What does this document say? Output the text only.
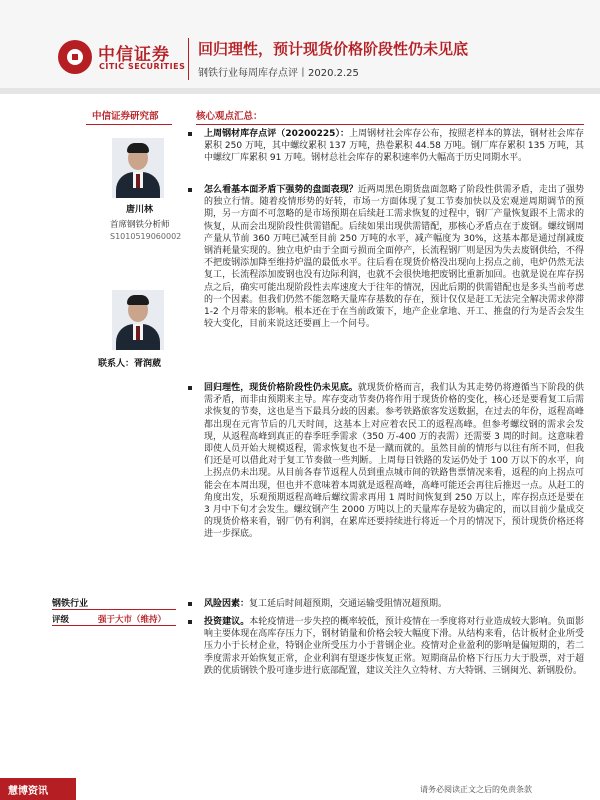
中信证券
CITIC SECURITIES
回归理性，预计现货价格阶段性仍未见底
钢铁行业每周库存点评丨2020.2.25
中信证券研究部
唐川林
首席钢铁分析师
S1010519060002
联系人：胥润葳
钢铁行业
评级	强于大市（维持）
核心观点汇总：

上周钢材库存点评（20200225）：上周钢材社会库存公布，按照老样本的算法，钢材社会库存累积 250 万吨，其中螺纹累积 137 万吨，热卷累积 44.58 万吨。钢厂库存累积 135 万吨，其中螺纹厂库累积 91 万吨。钢材总社会库存的累积速率仍大幅高于历史同期水平。

怎么看基本面矛盾下强势的盘面表现？近两周黑色期货盘面忽略了阶段性供需矛盾，走出了强势的独立行情。随着疫情形势的好转，市场一方面体现了复工节奏加快以及宏观逆周期调节的预期，另一方面不可忽略的是市场预期在后续赶工需求恢复的过程中，钢厂产量恢复跟不上需求的恢复，从而会出现阶段性供需错配。后续如果出现供需错配，那核心矛盾点在于废钢。螺纹钢周产量从节前 360 万吨已减至目前 250 万吨的水平，减产幅度为 30%，这基本都是通过削减废钢消耗量实现的。独立电炉由于全面亏损而全面停产，长流程钢厂则是因为失去废钢供给，不得不把废钢添加降至维持炉温的最低水平。往后看在现货价格没出现向上拐点之前，电炉仍然无法复工，长流程添加废钢也没有边际利润，也就不会很快地把废钢比重新加回。也就是说在库存拐点之后，确实可能出现阶段性去库速度大于往年的情况，因此后期的供需错配也是多头当前考虑的一个因素。但我们仍然不能忽略天量库存基数的存在，预计仅仅是赶工无法完全解决需求停滞 1-2 个月带来的影响。根本还在于在当前政策下，地产企业拿地、开工、推盘的行为是否会发生较大变化，目前来说这还要画上一个问号。

回归理性，现货价格阶段性仍未见底。就现货价格而言，我们认为其走势仍将遵循当下阶段的供需矛盾，而非由预期来主导。库存变动节奏仍将作用于现货价格的变化，核心还是要看复工后需求恢复的节奏，这也是当下最具分歧的因素。参考铁路旅客发送数据，在过去的年份，返程高峰都出现在元宵节后的几天时间，这基本上对应着农民工的返程高峰。但参考螺纹钢的需求会发现，从返程高峰到真正的春季旺季需求（350 万-400 万的表需）还需要 3 周的时间。这意味着即使人员开始大规模返程，需求恢复也不是一蹴而就的。虽然目前的情形与以往有所不同，但我们还是可以借此对于复工节奏做一些判断。上周每日铁路的发运仍处于 100 万以下的水平，向上拐点仍未出现。从目前各春节返程人员到重点城市间的铁路售票情况来看，返程的向上拐点可能会在本周出现，但也并不意味着本周就是返程高峰，高峰可能还会再往后推迟一点。从赶工的角度出发，乐观预期返程高峰后螺纹需求再用 1 周时间恢复到 250 万以上，库存拐点还是要在 3 月中下旬才会发生。螺纹钢产生 2000 万吨以上的天量库存是较为确定的，而以目前少量成交的现货价格来看，钢厂仍有利润，在累库还要持续进行将近一个月的情况下，预计现货价格还将进一步探底。

风险因素：复工延后时间超预期，交通运输受阻情况超预期。

投资建议。本轮疫情进一步失控的概率较低，预计疫情在一季度将对行业造成较大影响。负面影响主要体现在高库存压力下，钢材销量和价格会较大幅度下滑。从结构来看，估计板材企业所受压力小于长材企业，特钢企业所受压力小于普钢企业。疫情对企业盈利的影响是偏短期的，若二季度需求开始恢复正常，企业利润有望逐步恢复正常。短期商品价格下行压力大于股票，对于超跌的优质钢铁个股可逢步进行底部配置，建议关注久立特材、方大特钢、三钢闽光、新钢股份。

慧博资讯	请务必阅读正文之后的免责条款
